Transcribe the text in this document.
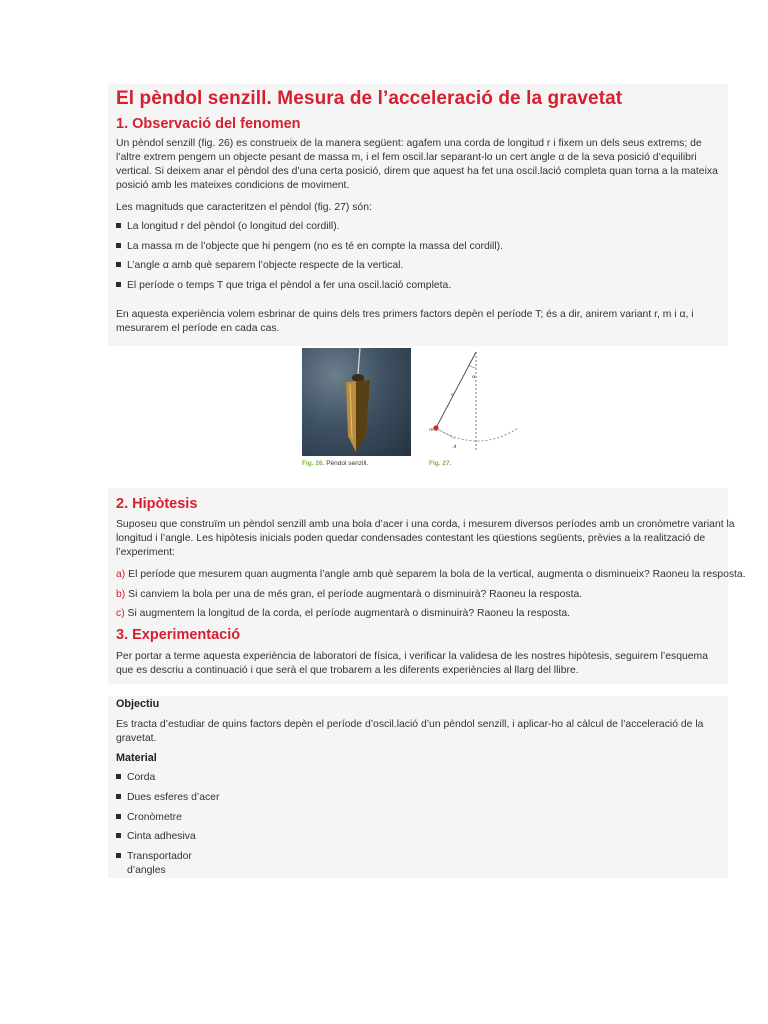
El pèndol senzill. Mesura de l’acceleració de la gravetat
1. Observació del fenomen
Un pèndol senzill (fig. 26) es construeix de la manera següent: agafem una corda de longitud r i fixem un dels seus extrems; de
l’altre extrem pengem un objecte pesant de massa m, i el fem oscil.lar separant-lo un cert angle α de la seva posició d’equilibri
vertical. Si deixem anar el pèndol des d’una certa posició, direm que aquest ha fet una oscil.lació completa quan torna a la mateixa
posició amb les mateixes condicions de moviment.
Les magnituds que caracteritzen el pèndol (fig. 27) són:
La longitud r del pèndol (o longitud del cordill).
La massa m de l’objecte que hi pengem (no es té en compte la massa del cordill).
L’angle α amb què separem l’objecte respecte de la vertical.
El període o temps T que triga el pèndol a fer una oscil.lació completa.
En aquesta experiència volem esbrinar de quins dels tres primers factors depèn el període T; és a dir, anirem variant r, m i α, i
mesurarem el període en cada cas.
Fig. 26. Pèndol senzill.
α
r
m
A
Fig. 27.
2. Hipòtesis
Suposeu que construïm un pèndol senzill amb una bola d’acer i una corda, i mesurem diversos períodes amb un cronòmetre variant la
longitud i l’angle. Les hipòtesis inicials poden quedar condensades contestant les qüestions següents, prèvies a la realització de
l’experiment:
a) El període que mesurem quan augmenta l’angle amb què separem la bola de la vertical, augmenta o disminueix? Raoneu la resposta.
b) Si canviem la bola per una de més gran, el període augmentarà o disminuirà? Raoneu la resposta.
c) Si augmentem la longitud de la corda, el període augmentarà o disminuirà? Raoneu la resposta.
3. Experimentació
Per portar a terme aquesta experiència de laboratori de física, i verificar la validesa de les nostres hipòtesis, seguirem l’esquema
que es descriu a continuació i que serà el que trobarem a les diferents experiències al llarg del llibre.
Objectiu
Es tracta d’estudiar de quins factors depèn el període d’oscil.lació d’un pèndol senzill, i aplicar-ho al càlcul de l’acceleració de la
gravetat.
Material
Corda
Dues esferes d’acer
Cronòmetre
Cinta adhesiva
Transportador
d’angles
